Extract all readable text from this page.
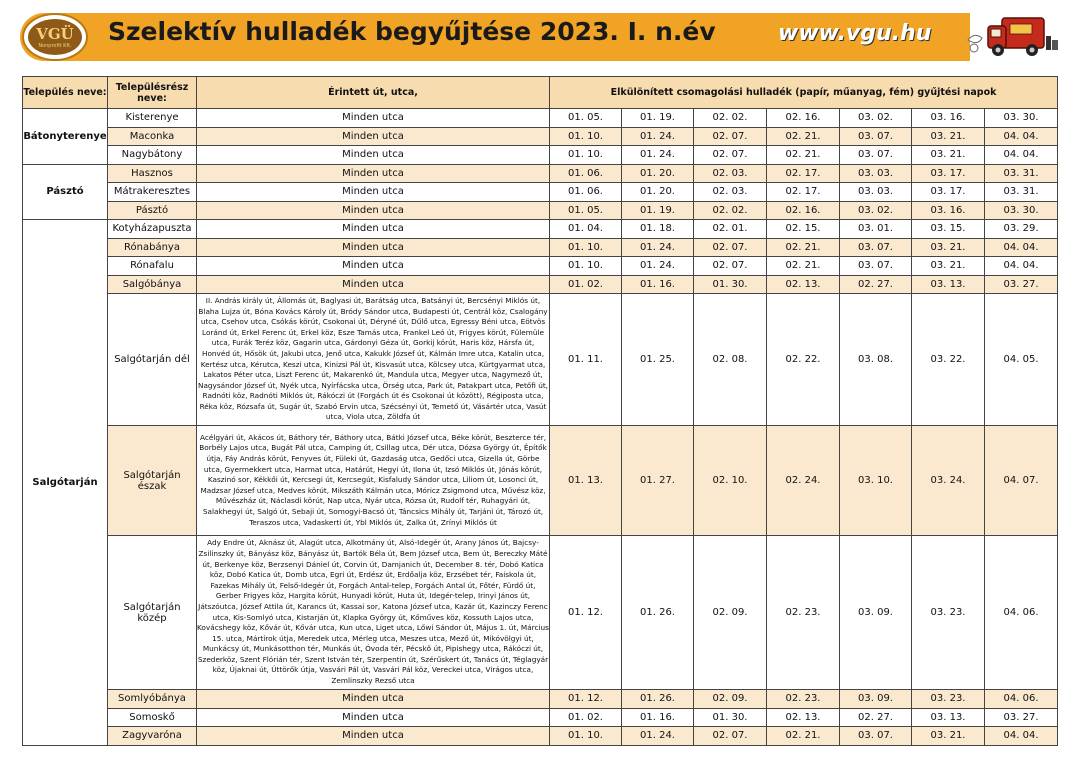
VGÜ
Nonprofit Kft.	Szelektív hulladék begyűjtése 2023. I. n.év	www.vgu.hu
Település neve:	Településrész neve:	Érintett út, utca,	Elkülönített csomagolási hulladék (papír, műanyag, fém) gyűjtési napok						
Bátonyterenye	Kisterenye	Minden utca	01. 05.	01. 19.	02. 02.	02. 16.	03. 02.	03. 16.	03. 30.
	Maconka	Minden utca	01. 10.	01. 24.	02. 07.	02. 21.	03. 07.	03. 21.	04. 04.
	Nagybátony	Minden utca	01. 10.	01. 24.	02. 07.	02. 21.	03. 07.	03. 21.	04. 04.
Pásztó	Hasznos	Minden utca	01. 06.	01. 20.	02. 03.	02. 17.	03. 03.	03. 17.	03. 31.
	Mátrakeresztes	Minden utca	01. 06.	01. 20.	02. 03.	02. 17.	03. 03.	03. 17.	03. 31.
	Pásztó	Minden utca	01. 05.	01. 19.	02. 02.	02. 16.	03. 02.	03. 16.	03. 30.
Salgótarján	Kotyházapuszta	Minden utca	01. 04.	01. 18.	02. 01.	02. 15.	03. 01.	03. 15.	03. 29.
	Rónabánya	Minden utca	01. 10.	01. 24.	02. 07.	02. 21.	03. 07.	03. 21.	04. 04.
	Rónafalu	Minden utca	01. 10.	01. 24.	02. 07.	02. 21.	03. 07.	03. 21.	04. 04.
	Salgóbánya	Minden utca	01. 02.	01. 16.	01. 30.	02. 13.	02. 27.	03. 13.	03. 27.
	Salgótarján dél	II. András király út, Állomás út, Baglyasi út, Barátság utca, Batsányi út, Bercsényi Miklós út, Blaha Lujza út, Bóna Kovács Károly út, Bródy Sándor utca, Budapesti út, Centrál köz, Csalogány utca, Csehov utca, Csókás körút, Csokonai út, Déryné út, Dűlő utca, Egressy Béni utca, Eötvös Loránd út, Erkel Ferenc út, Erkel köz, Esze Tamás utca, Frankel Leó út, Frigyes körút, Fülemüle utca, Furák Teréz köz, Gagarin utca, Gárdonyi Géza út, Gorkij körút, Haris köz, Hársfa út, Honvéd út, Hősök út, Jakubi utca, Jenő utca, Kakukk József út, Kálmán Imre utca, Katalin utca, Kertész utca, Kérutca, Keszi utca, Kinizsi Pál út, Kisvasút utca, Kölcsey utca, Kürtgyarmat utca, Lakatos Péter utca, Liszt Ferenc út, Makarenkó út, Mandula utca, Megyer utca, Nagymező út, Nagysándor József út, Nyék utca, Nyírfácska utca, Örség utca, Park út, Patakpart utca, Petőfi út, Radnóti köz, Radnóti Miklós út, Rákóczi út (Forgách út és Csokonai út között), Régiposta utca, Réka köz, Rózsafa út, Sugár út, Szabó Ervin utca, Szécsényi út, Temető út, Vásártér utca, Vasút utca, Viola utca, Zöldfa út	01. 11.	01. 25.	02. 08.	02. 22.	03. 08.	03. 22.	04. 05.
	Salgótarján észak	Acélgyári út, Akácos út, Báthory tér, Báthory utca, Bátki József utca, Béke körút, Beszterce tér, Borbély Lajos utca, Bugát Pál utca, Camping út, Csillag utca, Dér utca, Dózsa György út, Építők útja, Fáy András körút, Fenyves út, Füleki út, Gazdaság utca, Gedőci utca, Gizella út, Görbe utca, Gyermekkert utca, Harmat utca, Határút, Hegyi út, Ilona út, Izsó Miklós út, Jónás körút, Kaszinó sor, Kékkői út, Kercsegi út, Kercsegút, Kisfaludy Sándor utca, Liliom út, Losonci út, Madzsar József utca, Medves körút, Mikszáth Kálmán utca, Móricz Zsigmond utca, Művész köz, Művészház út, Náclasdi körút, Nap utca, Nyár utca, Rózsa út, Rudolf tér, Ruhagyári út, Salakhegyi út, Salgó út, Sebaji út, Somogyi-Bacsó út, Táncsics Mihály út, Tarjáni út, Tározó út, Teraszos utca, Vadaskerti út, Ybl Miklós út, Zalka út, Zrínyi Miklós út	01. 13.	01. 27.	02. 10.	02. 24.	03. 10.	03. 24.	04. 07.
	Salgótarján közép	Ady Endre út, Aknász út, Alagút utca, Alkotmány út, Alsó-Idegér út, Arany János út, Bajcsy-Zsilinszky út, Bányász köz, Bányász út, Bartók Béla út, Bem József utca, Bem út, Bereczky Máté út, Berkenye köz, Berzsenyi Dániel út, Corvin út, Damjanich út, December 8. tér, Dobó Katica köz, Dobó Katica út, Domb utca, Egri út, Erdész út, Erdőalja köz, Erzsébet tér, Faiskola út, Fazekas Mihály út, Felső-Idegér út, Forgách Antal-telep, Forgách Antal út, Főtér, Fürdő út, Gerber Frigyes köz, Hargita körút, Hunyadi körút, Huta út, Idegér-telep, Irinyi János út, Játszóutca, József Attila út, Karancs út, Kassai sor, Katona József utca, Kazár út, Kazinczy Ferenc utca, Kis-Somlyó utca, Kistarján út, Klapka György út, Kőműves köz, Kossuth Lajos utca, Kovácshegy köz, Kővár út, Kővár utca, Kun utca, Liget utca, Lőwi Sándor út, Május 1. út, Március 15. utca, Mártírok útja, Meredek utca, Mérleg utca, Meszes utca, Mező út, Mikóvölgyi út, Munkácsy út, Munkásotthon tér, Munkás út, Óvoda tér, Pécskő út, Pipishegy utca, Rákóczi út, Szederköz, Szent Flórián tér, Szent István tér, Szerpentin út, Szérűskert út, Tanács út, Téglagyár köz, Újaknai út, Úttörők útja, Vasvári Pál út, Vasvári Pál köz, Vereckei utca, Virágos utca, Zemlinszky Rezső utca	01. 12.	01. 26.	02. 09.	02. 23.	03. 09.	03. 23.	04. 06.
	Somlyóbánya	Minden utca	01. 12.	01. 26.	02. 09.	02. 23.	03. 09.	03. 23.	04. 06.
	Somoskő	Minden utca	01. 02.	01. 16.	01. 30.	02. 13.	02. 27.	03. 13.	03. 27.
	Zagyvaróna	Minden utca	01. 10.	01. 24.	02. 07.	02. 21.	03. 07.	03. 21.	04. 04.
